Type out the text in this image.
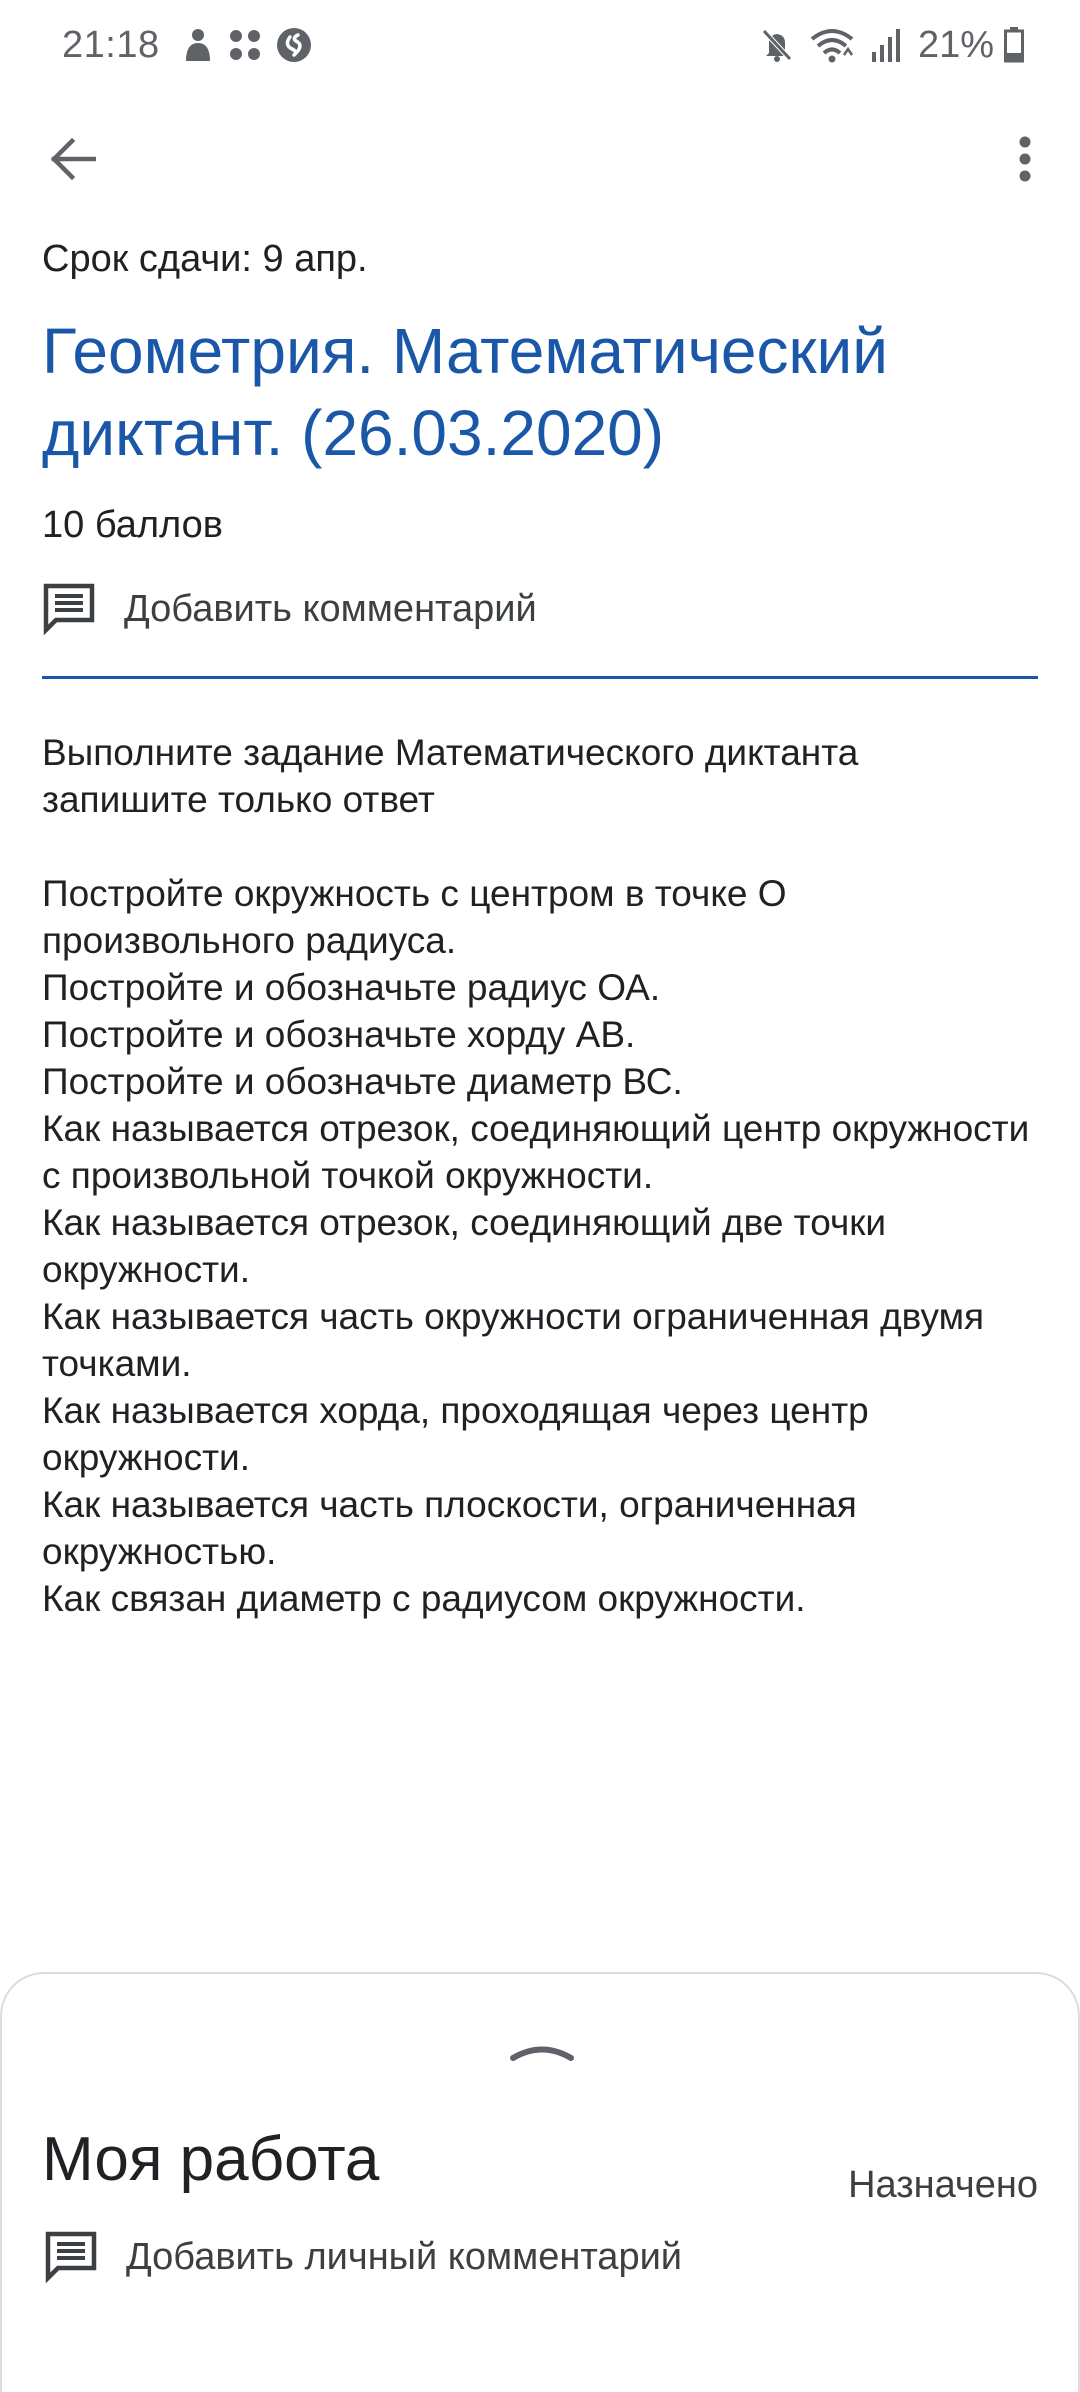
21:18	21%

Срок сдачи: 9 апр.

Геометрия. Математический диктант. (26.03.2020)
10 баллов
Добавить комментарий

Выполните задание Математического диктанта

запишите только ответ

Постройте окружность с центром в точке О произвольного радиуса.

Постройте и обозначьте радиус ОА.

Постройте и обозначьте хорду АВ.

Постройте и обозначьте диаметр ВС.

Как называется отрезок, соединяющий центр окружности с произвольной точкой окружности.

Как называется отрезок, соединяющий две точки окружности.

Как называется часть окружности ограниченная двумя точками.

Как называется хорда, проходящая через центр окружности.

Как называется часть плоскости, ограниченная окружностью.

Как связан диаметр с радиусом окружности.

Моя работа	Назначено
Добавить личный комментарий
